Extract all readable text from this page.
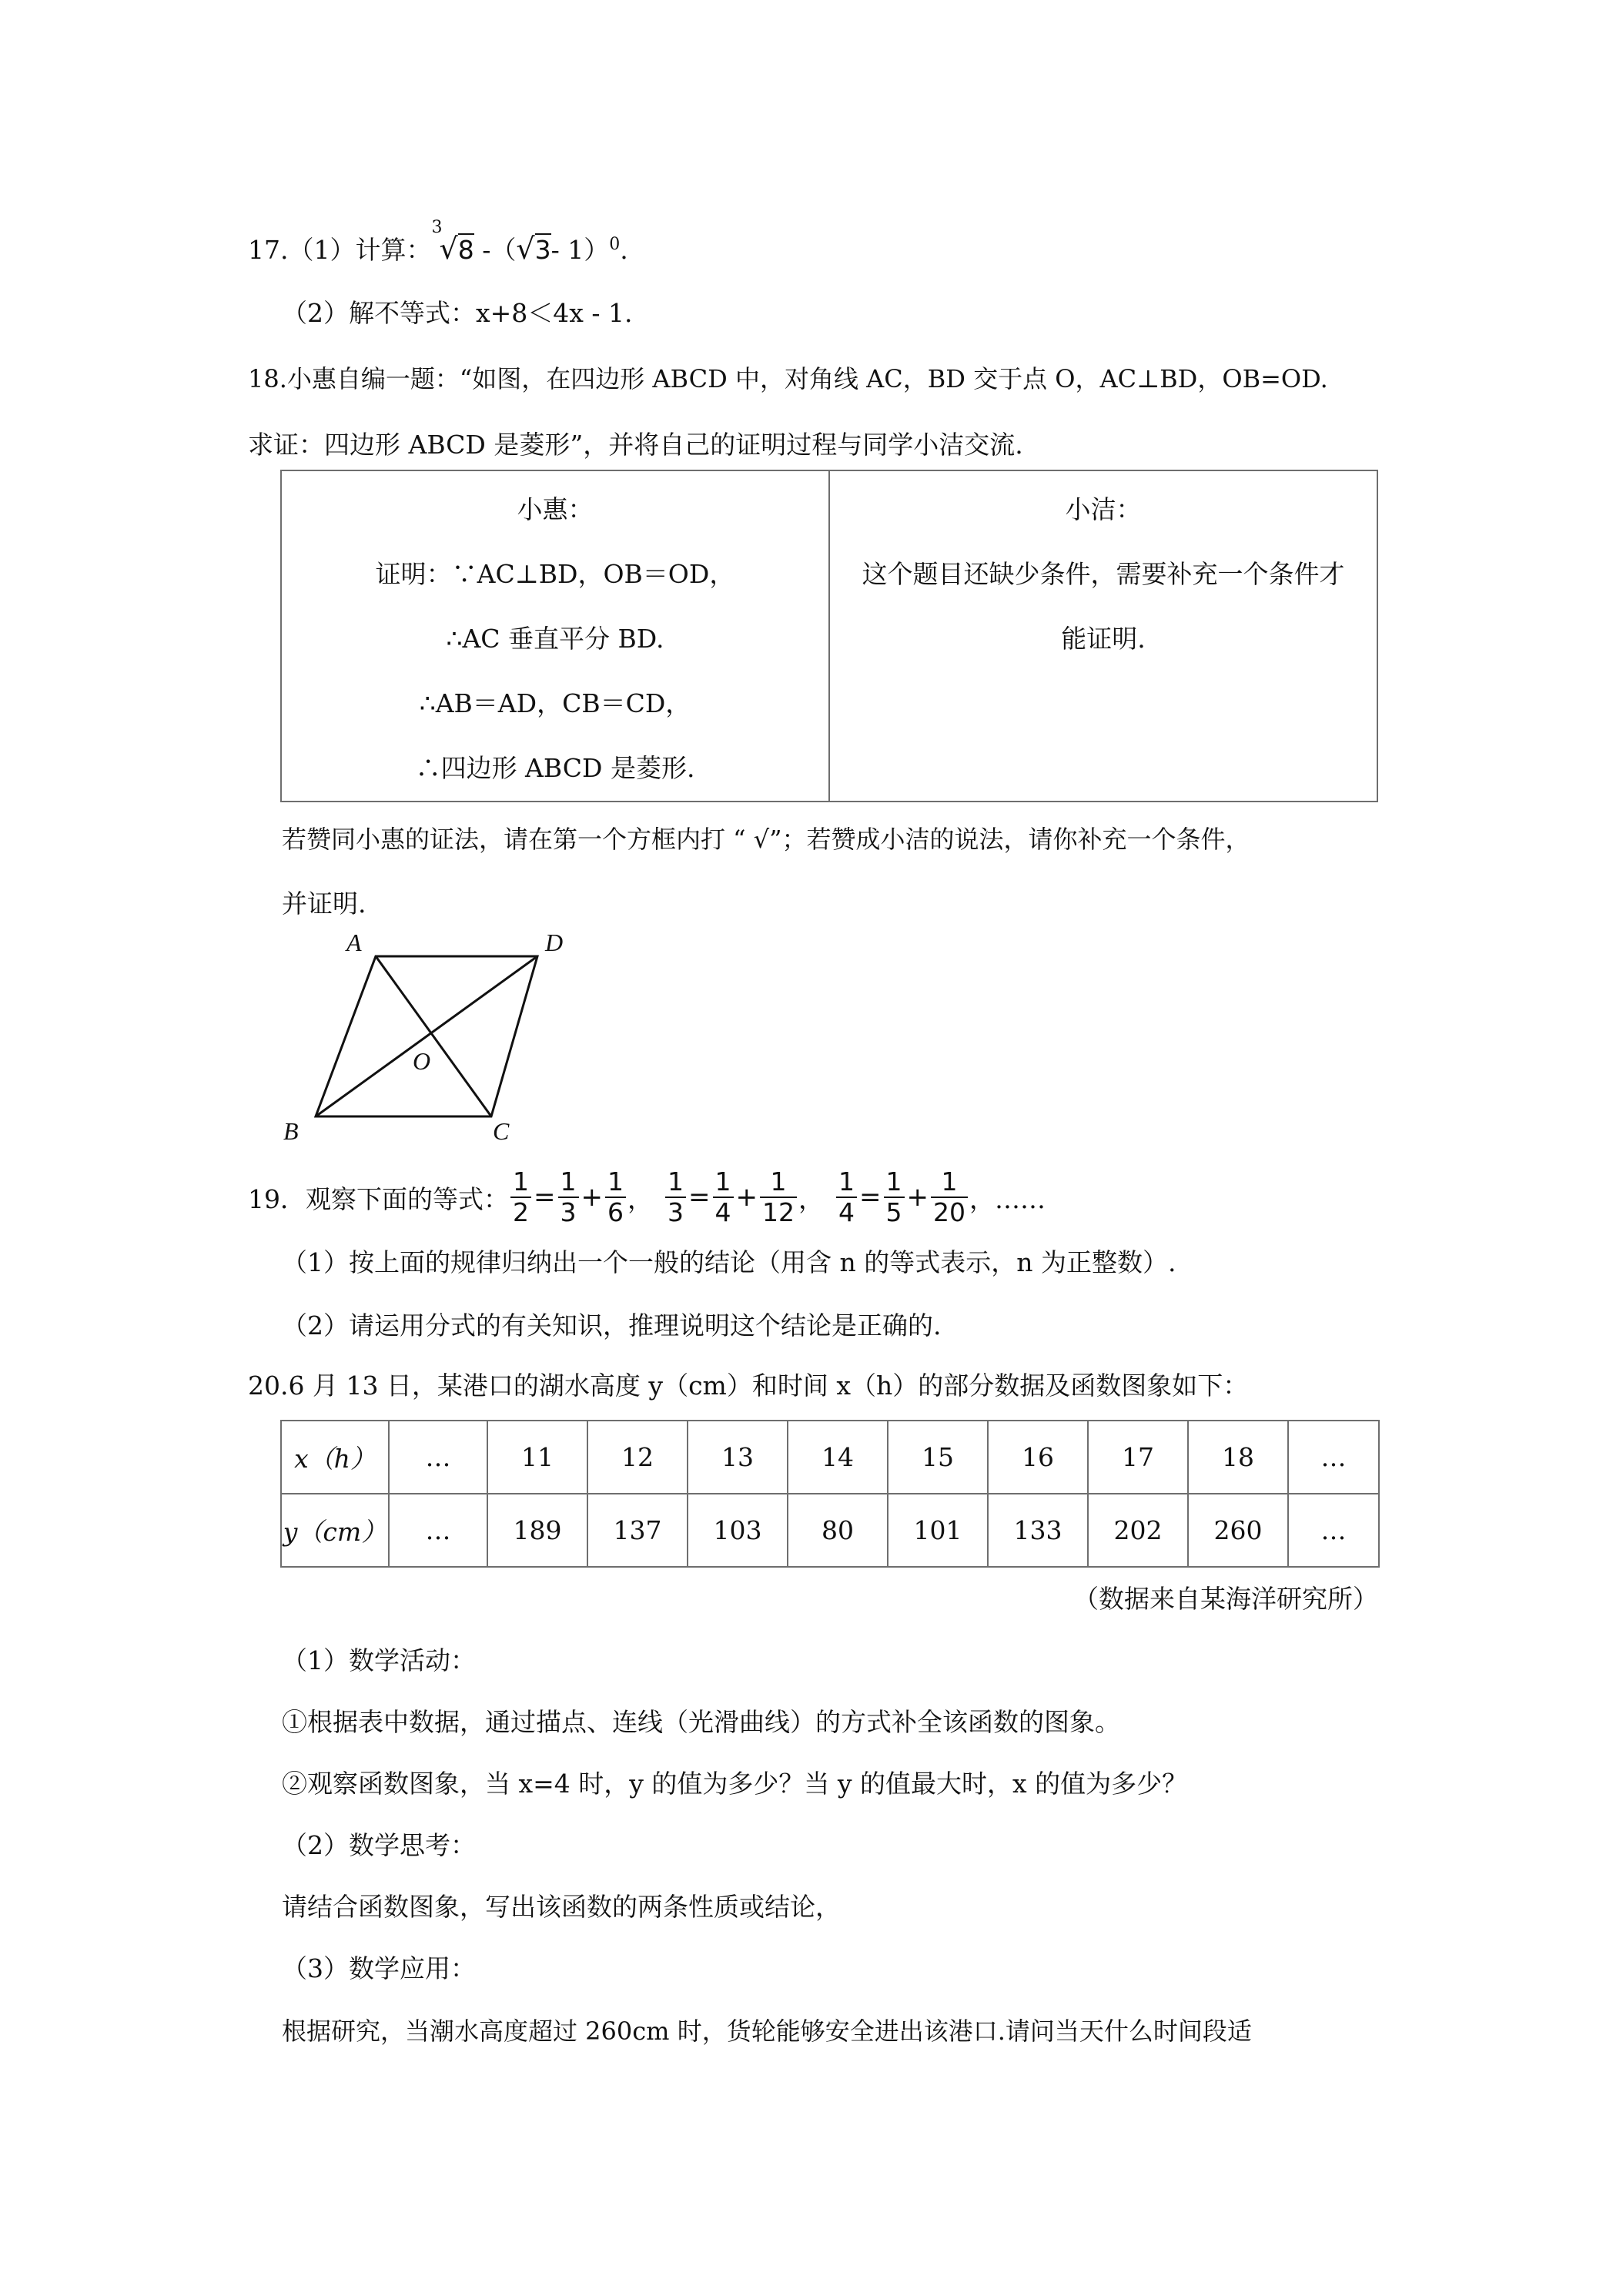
17.（1）计算：
3
√8 -（√3- 1）$^0$.
（2）解不等式：x+8＜4x - 1.
18.小惠自编一题：“如图，在四边形 ABCD 中，对角线 AC，BD 交于点 O，AC⊥BD，OB=OD.
求证：四边形 ABCD 是菱形”，并将自己的证明过程与同学小洁交流.
小惠：
证明：∵AC⊥BD，OB＝OD，
∴AC 垂直平分 BD.
∴AB＝AD，CB＝CD，
∴四边形 ABCD 是菱形.

小洁：
这个题目还缺少条件，需要补充一个条件才
能证明.
若赞同小惠的证法，请在第一个方框内打 “ √”；若赞成小洁的说法，请你补充一个条件，
并证明.
A	D
O
B	C
19．观察下面的等式： $\frac{1}{2} = \frac{1}{3} + \frac{1}{6}$ ， $\frac{1}{3} = \frac{1}{4} + \frac{1}{12}$ ， $\frac{1}{4} = \frac{1}{5} + \frac{1}{20}$ ，……
（1）按上面的规律归纳出一个一般的结论（用含 n 的等式表示，n 为正整数）.
（2）请运用分式的有关知识，推理说明这个结论是正确的.
20.6 月 13 日，某港口的湖水高度 y（cm）和时间 x（h）的部分数据及函数图象如下：
x（h）	…	11	12	13	14	15	16	17	18	…
y（cm）	…	189	137	103	80	101	133	202	260	…
（数据来自某海洋研究所）
（1）数学活动：
①根据表中数据，通过描点、连线（光滑曲线）的方式补全该函数的图象。
②观察函数图象，当 x=4 时，y 的值为多少？当 y 的值最大时，x 的值为多少？
（2）数学思考：
请结合函数图象，写出该函数的两条性质或结论，
（3）数学应用：
根据研究，当潮水高度超过 260cm 时，货轮能够安全进出该港口.请问当天什么时间段适
